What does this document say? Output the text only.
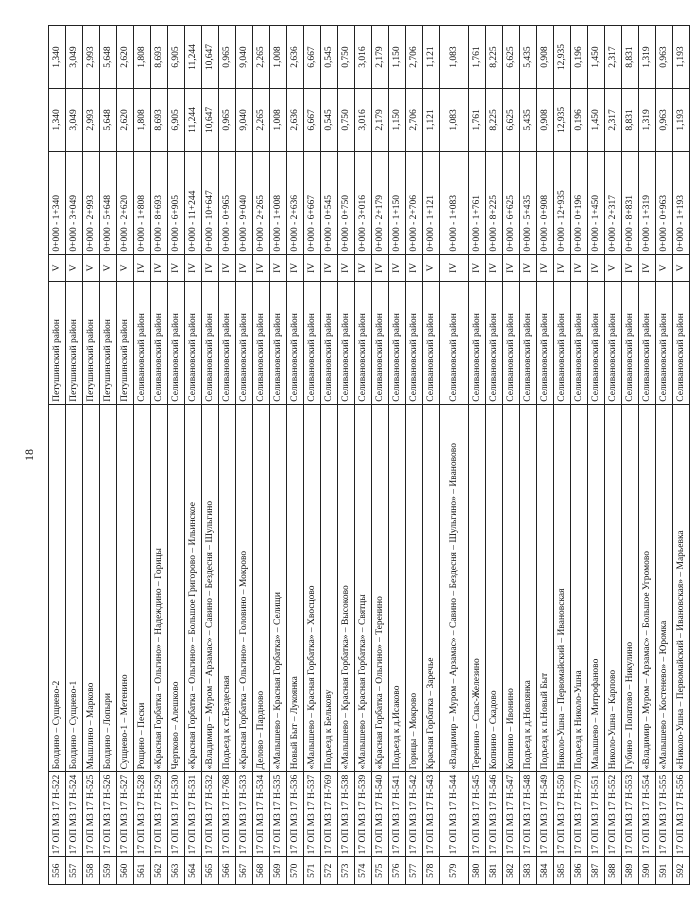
18
556	17 ОП МЗ 17 Н-522	Болдино – Сущнево-2	Петушинский район	V	0+000 - 1+340	1,340	1,340
557	17 ОП МЗ 17 Н-524	Болдино – Сущнево-1	Петушинский район	V	0+000 - 3+049	3,049	3,049
558	17 ОП МЗ 17 Н-525	Мышлино – Марково	Петушинский район	V	0+000 - 2+993	2,993	2,993
559	17 ОП МЗ 17 Н-526	Болдино – Лопыри	Петушинский район	V	0+000 - 5+648	5,648	5,648
560	17 ОП МЗ 17 Н-527	Сущнево-1 – Метенино	Петушинский район	V	0+000 - 2+620	2,620	2,620
561	17 ОП МЗ 17 Н-528	Рощино – Пески	Селивановский район	IV	0+000 - 1+808	1,808	1,808
562	17 ОП МЗ 17 Н-529	«Красная Горбатка – Ольгино» – Надеждино – Горицы	Селивановский район	IV	0+000 - 8+693	8,693	8,693
563	17 ОП МЗ 17 Н-530	Чертково – Алешково	Селивановский район	IV	0+000 - 6+905	6,905	6,905
564	17 ОП МЗ 17 Н-531	«Красная Горбатка – Ольгино» – Большое Григорово – Ильинское	Селивановский район	IV	0+000 - 11+244	11,244	11,244
565	17 ОП МЗ 17 Н-532	«Владимир – Муром – Арзамас» – Савино – Бездесня – Шульгино	Селивановский район	IV	0+000 - 10+647	10,647	10,647
566	17 ОП МЗ 17 Н-768	Подъезд к ст.Бездесная	Селивановский район	IV	0+000 - 0+965	0,965	0,965
567	17 ОП МЗ 17 Н-533	«Красная Горбатка – Ольгино» – Головино – Мокрово	Селивановский район	IV	0+000 - 9+040	9,040	9,040
568	17 ОП МЗ 17 Н-534	Делово – Пардново	Селивановский район	IV	0+000 - 2+265	2,265	2,265
569	17 ОП МЗ 17 Н-535	«Малышево – Красная Горбатка» – Селищи	Селивановский район	IV	0+000 - 1+008	1,008	1,008
570	17 ОП МЗ 17 Н-536	Новый Быт – Лукоянка	Селивановский район	IV	0+000 - 2+636	2,636	2,636
571	17 ОП МЗ 17 Н-537	«Малышево – Красная Горбатка» – Хвосцово	Селивановский район	IV	0+000 - 6+667	6,667	6,667
572	17 ОП МЗ 17 Н-769	Подъезд к Белькову	Селивановский район	IV	0+000 - 0+545	0,545	0,545
573	17 ОП МЗ 17 Н-538	«Малышево – Красная Горбатка» – Высоково	Селивановский район	IV	0+000 - 0+750	0,750	0,750
574	17 ОП МЗ 17 Н-539	«Малышево – Красная Горбатка» – Святцы	Селивановский район	IV	0+000 - 3+016	3,016	3,016
575	17 ОП МЗ 17 Н-540	«Красная Горбатка – Ольгино» – Теренино	Селивановский район	IV	0+000 - 2+179	2,179	2,179
576	17 ОП МЗ 17 Н-541	Подъезд к д.Исаково	Селивановский район	IV	0+000 - 1+150	1,150	1,150
577	17 ОП МЗ 17 Н-542	Горицы – Мокрово	Селивановский район	IV	0+000 - 2+706	2,706	2,706
578	17 ОП МЗ 17 Н-543	Красная Горбатка – Заречье	Селивановский район	V	0+000 - 1+121	1,121	1,121
579	17 ОП МЗ 17 Н-544	«Владимир – Муром – Арзамас» – Савино – Бездесня – Шульгино» – Ивановово	Селивановский район	IV	0+000 - 1+083	1,083	1,083
580	17 ОП МЗ 17 Н-545	Теренино – Спас-Железино	Селивановский район	IV	0+000 - 1+761	1,761	1,761
581	17 ОП МЗ 17 Н-546	Копнино – Скадово	Селивановский район	IV	0+000 - 8+225	8,225	8,225
582	17 ОП МЗ 17 Н-547	Копнино – Ивонино	Селивановский район	IV	0+000 - 6+625	6,625	6,625
583	17 ОП МЗ 17 Н-548	Подъезд к д.Новлянка	Селивановский район	IV	0+000 - 5+435	5,435	5,435
584	17 ОП МЗ 17 Н-549	Подъезд к п.Новый Быт	Селивановский район	IV	0+000 - 0+908	0,908	0,908
585	17 ОП МЗ 17 Н-550	Николо-Ушна – Первомайский – Ивановская	Селивановский район	IV	0+000 - 12+935	12,935	12,935
586	17 ОП МЗ 17 Н-770	Подъезд к Николо-Ушна	Селивановский район	IV	0+000 - 0+196	0,196	0,196
587	17 ОП МЗ 17 Н-551	Малышево – Митрофаново	Селивановский район	IV	0+000 - 1+450	1,450	1,450
588	17 ОП МЗ 17 Н-552	Николо-Ушна – Карпово	Селивановский район	V	0+000 - 2+317	2,317	2,317
589	17 ОП МЗ 17 Н-553	Губино – Попатово – Никулино	Селивановский район	IV	0+000 - 8+831	8,831	8,831
590	17 ОП МЗ 17 Н-554	«Владимир – Муром – Арзамас» – Большое Угромово	Селивановский район	IV	0+000 - 1+319	1,319	1,319
591	17 ОП МЗ 17 Н-555	«Малышево – Костенево» – Юромка	Селивановский район	V	0+000 - 0+963	0,963	0,963
592	17 ОП МЗ 17 Н-556	«Николо-Ушна – Первомайский – Ивановская» – Марьевка	Селивановский район	V	0+000 - 1+193	1,193	1,193
